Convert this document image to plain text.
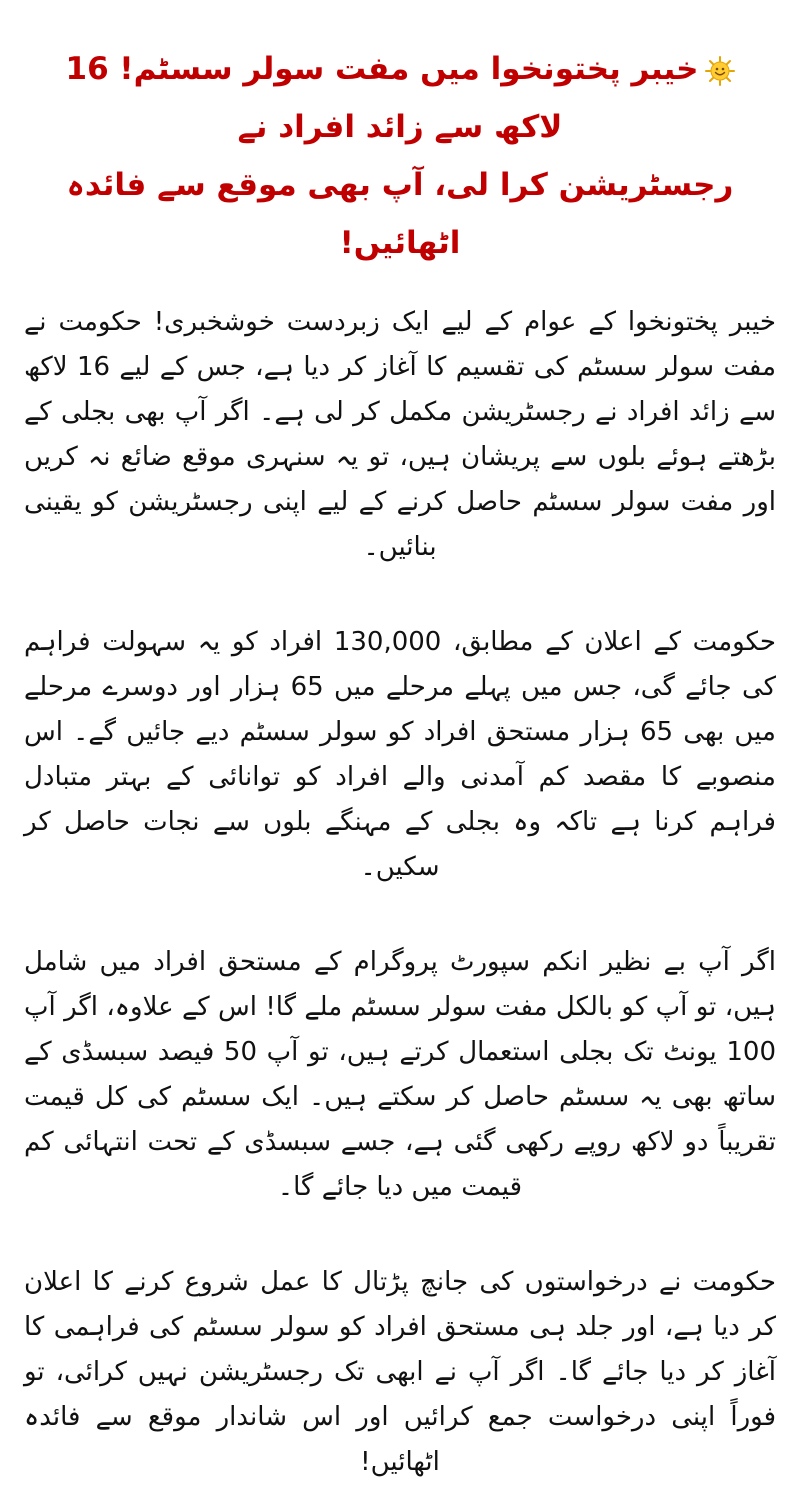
خیبر پختونخوا میں مفت سولر سسٹم! 16 لاکھ سے زائد افراد نے
رجسٹریشن کرا لی، آپ بھی موقع سے فائدہ اٹھائیں!

خیبر پختونخوا کے عوام کے لیے ایک زبردست خوشخبری! حکومت نے مفت سولر سسٹم کی تقسیم کا آغاز کر دیا ہے، جس کے لیے 16 لاکھ سے زائد افراد نے رجسٹریشن مکمل کر لی ہے۔ اگر آپ بھی بجلی کے بڑھتے ہوئے بلوں سے پریشان ہیں، تو یہ سنہری موقع ضائع نہ کریں اور مفت سولر سسٹم حاصل کرنے کے لیے اپنی رجسٹریشن کو یقینی بنائیں۔

حکومت کے اعلان کے مطابق، 130,000 افراد کو یہ سہولت فراہم کی جائے گی، جس میں پہلے مرحلے میں 65 ہزار اور دوسرے مرحلے میں بھی 65 ہزار مستحق افراد کو سولر سسٹم دیے جائیں گے۔ اس منصوبے کا مقصد کم آمدنی والے افراد کو توانائی کے بہتر متبادل فراہم کرنا ہے تاکہ وہ بجلی کے مہنگے بلوں سے نجات حاصل کر سکیں۔

اگر آپ بے نظیر انکم سپورٹ پروگرام کے مستحق افراد میں شامل ہیں، تو آپ کو بالکل مفت سولر سسٹم ملے گا! اس کے علاوہ، اگر آپ 100 یونٹ تک بجلی استعمال کرتے ہیں، تو آپ 50 فیصد سبسڈی کے ساتھ بھی یہ سسٹم حاصل کر سکتے ہیں۔ ایک سسٹم کی کل قیمت تقریباً دو لاکھ روپے رکھی گئی ہے، جسے سبسڈی کے تحت انتہائی کم قیمت میں دیا جائے گا۔

حکومت نے درخواستوں کی جانچ پڑتال کا عمل شروع کرنے کا اعلان کر دیا ہے، اور جلد ہی مستحق افراد کو سولر سسٹم کی فراہمی کا آغاز کر دیا جائے گا۔ اگر آپ نے ابھی تک رجسٹریشن نہیں کرائی، تو فوراً اپنی درخواست جمع کرائیں اور اس شاندار موقع سے فائدہ اٹھائیں!
